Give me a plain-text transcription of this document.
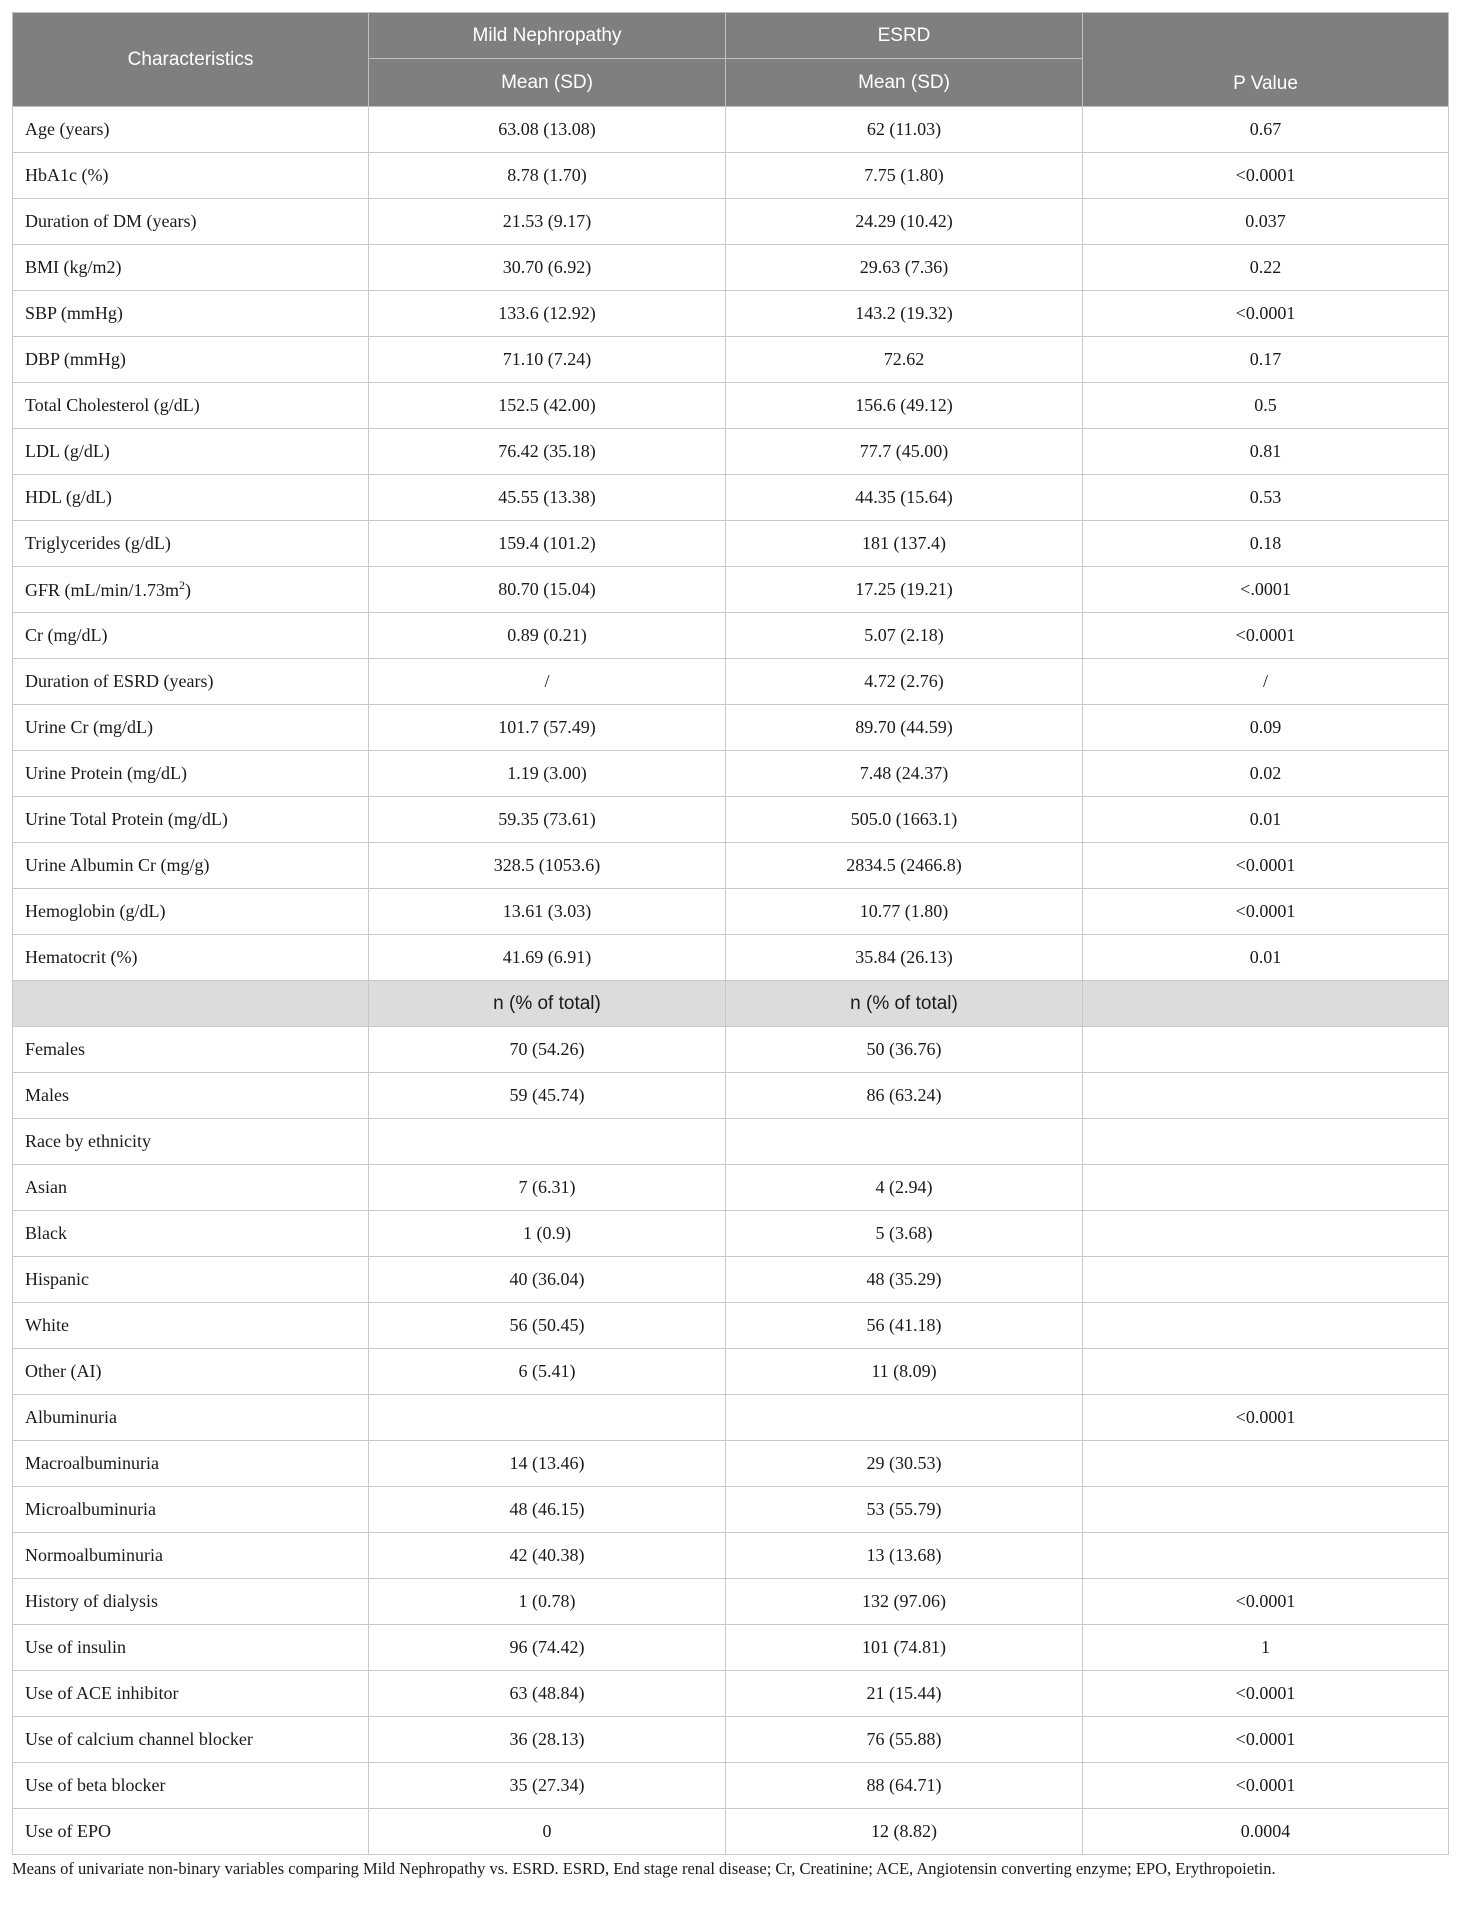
Characteristics	Mild Nephropathy	ESRD	P Value
	Mean (SD)	Mean (SD)	
Age (years)	63.08 (13.08)	62 (11.03)	0.67
HbA1c (%)	8.78 (1.70)	7.75 (1.80)	<0.0001
Duration of DM (years)	21.53 (9.17)	24.29 (10.42)	0.037
BMI (kg/m2)	30.70 (6.92)	29.63 (7.36)	0.22
SBP (mmHg)	133.6 (12.92)	143.2 (19.32)	<0.0001
DBP (mmHg)	71.10 (7.24)	72.62	0.17
Total Cholesterol (g/dL)	152.5 (42.00)	156.6 (49.12)	0.5
LDL (g/dL)	76.42 (35.18)	77.7 (45.00)	0.81
HDL (g/dL)	45.55 (13.38)	44.35 (15.64)	0.53
Triglycerides (g/dL)	159.4 (101.2)	181 (137.4)	0.18
GFR $(mL/\min/1.73m^2)$	80.70 (15.04)	17.25 (19.21)	<.0001
Cr (mg/dL)	0.89 (0.21)	5.07 (2.18)	<0.0001
Duration of ESRD (years)	/	4.72 (2.76)	/
Urine Cr (mg/dL)	101.7 (57.49)	89.70 (44.59)	0.09
Urine Protein (mg/dL)	1.19 (3.00)	7.48 (24.37)	0.02
Urine Total Protein (mg/dL)	59.35 (73.61)	505.0 (1663.1)	0.01
Urine Albumin Cr (mg/g)	328.5 (1053.6)	2834.5 (2466.8)	<0.0001
Hemoglobin (g/dL)	13.61 (3.03)	10.77 (1.80)	<0.0001
Hematocrit (%)	41.69 (6.91)	35.84 (26.13)	0.01
	n (% of total)	n (% of total)	
Females	70 (54.26)	50 (36.76)	
Males	59 (45.74)	86 (63.24)	
Race by ethnicity			
Asian	7 (6.31)	4 (2.94)	
Black	1 (0.9)	5 (3.68)	
Hispanic	40 (36.04)	48 (35.29)	
White	56 (50.45)	56 (41.18)	
Other (AI)	6 (5.41)	11 (8.09)	
Albuminuria			<0.0001
Macroalbuminuria	14 (13.46)	29 (30.53)	
Microalbuminuria	48 (46.15)	53 (55.79)	
Normoalbuminuria	42 (40.38)	13 (13.68)	
History of dialysis	1 (0.78)	132 (97.06)	<0.0001
Use of insulin	96 (74.42)	101 (74.81)	1
Use of ACE inhibitor	63 (48.84)	21 (15.44)	<0.0001
Use of calcium channel blocker	36 (28.13)	76 (55.88)	<0.0001
Use of beta blocker	35 (27.34)	88 (64.71)	<0.0001
Use of EPO	0	12 (8.82)	0.0004
Means of univariate non-binary variables comparing Mild Nephropathy vs. ESRD. ESRD, End stage renal disease; Cr, Creatinine; ACE, Angiotensin converting enzyme; EPO, Erythropoietin.
